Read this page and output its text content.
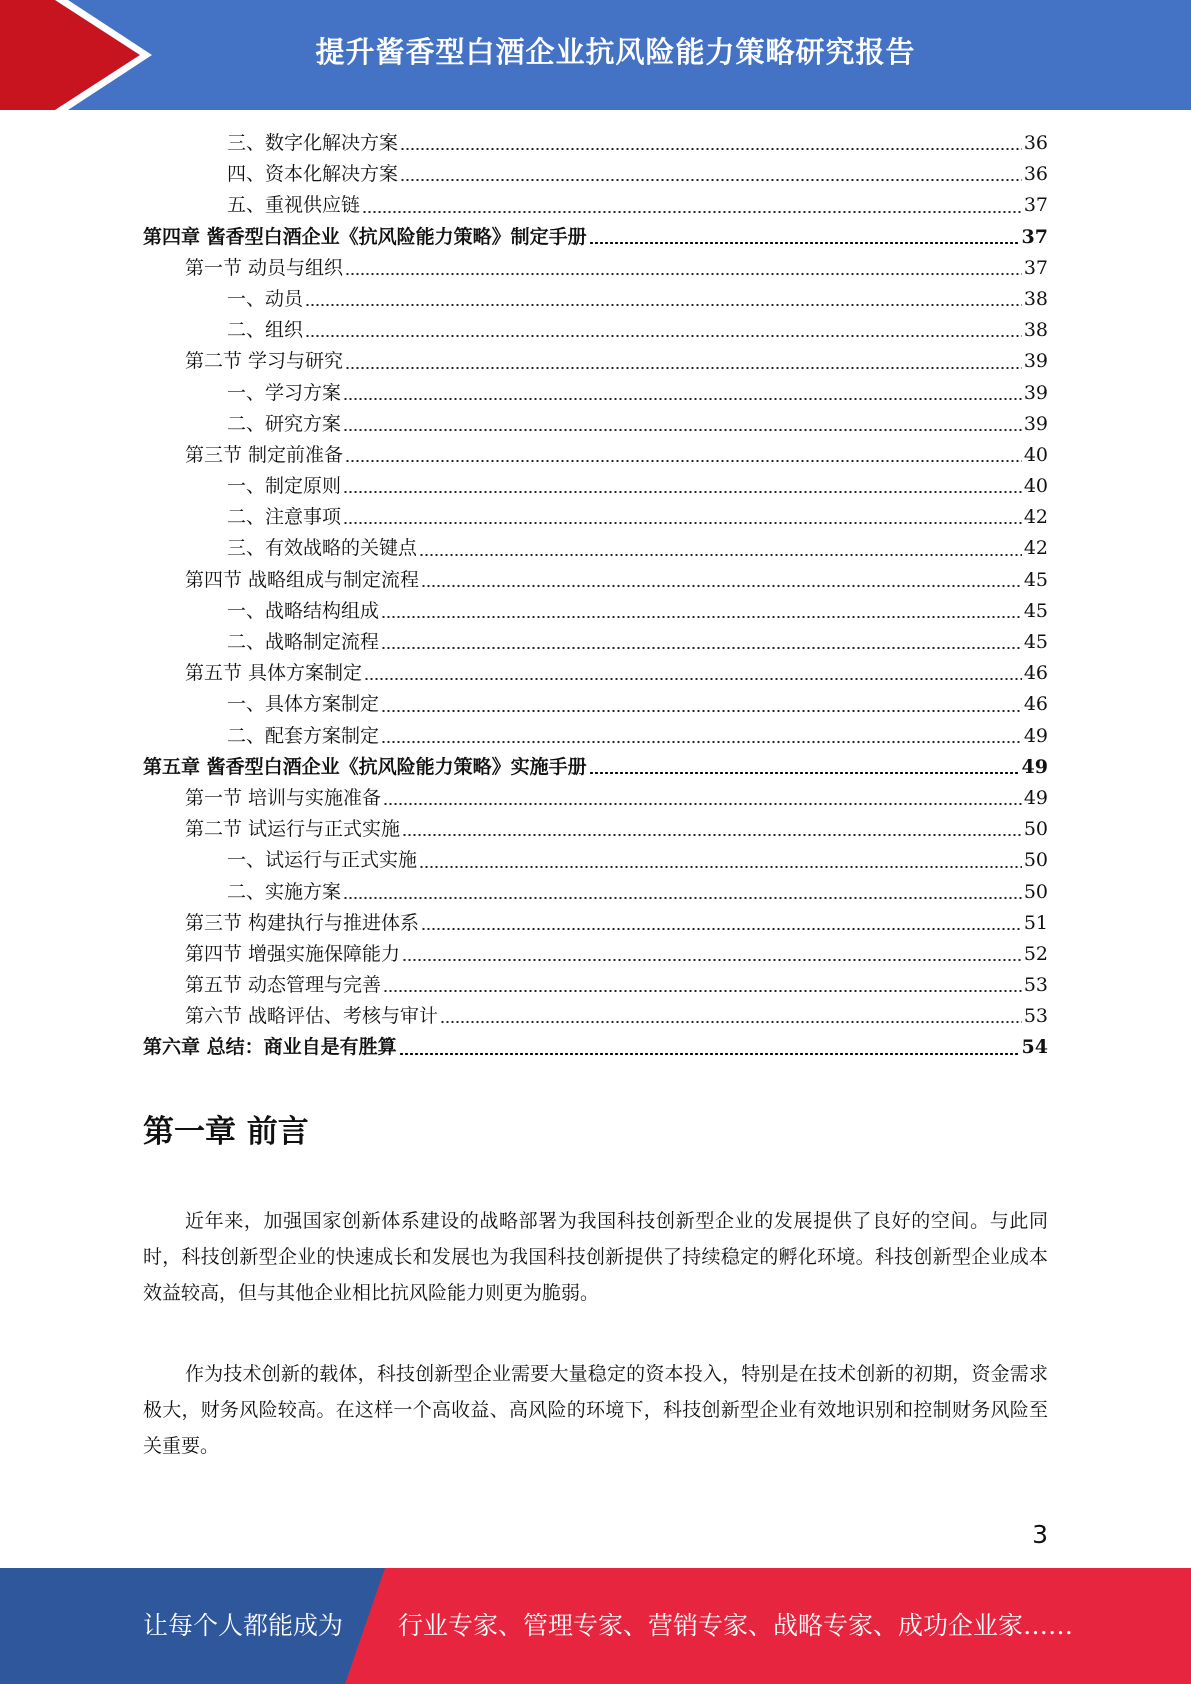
提升酱香型白酒企业抗风险能力策略研究报告
三、数字化解决方案	36
四、资本化解决方案	36
五、重视供应链	37
第四章 酱香型白酒企业《抗风险能力策略》制定手册	37
第一节 动员与组织	37
一、动员	38
二、组织	38
第二节 学习与研究	39
一、学习方案	39
二、研究方案	39
第三节 制定前准备	40
一、制定原则	40
二、注意事项	42
三、有效战略的关键点	42
第四节 战略组成与制定流程	45
一、战略结构组成	45
二、战略制定流程	45
第五节 具体方案制定	46
一、具体方案制定	46
二、配套方案制定	49
第五章 酱香型白酒企业《抗风险能力策略》实施手册	49
第一节 培训与实施准备	49
第二节 试运行与正式实施	50
一、试运行与正式实施	50
二、实施方案	50
第三节 构建执行与推进体系	51
第四节 增强实施保障能力	52
第五节 动态管理与完善	53
第六节 战略评估、考核与审计	53
第六章 总结：商业自是有胜算	54
第一章 前言

近年来，加强国家创新体系建设的战略部署为我国科技创新型企业的发展提供了良好的空间。与此同时，科技创新型企业的快速成长和发展也为我国科技创新提供了持续稳定的孵化环境。科技创新型企业成本效益较高，但与其他企业相比抗风险能力则更为脆弱。

作为技术创新的载体，科技创新型企业需要大量稳定的资本投入，特别是在技术创新的初期，资金需求极大，财务风险较高。在这样一个高收益、高风险的环境下，科技创新型企业有效地识别和控制财务风险至关重要。

3
让每个人都能成为 行业专家、管理专家、营销专家、战略专家、成功企业家……
